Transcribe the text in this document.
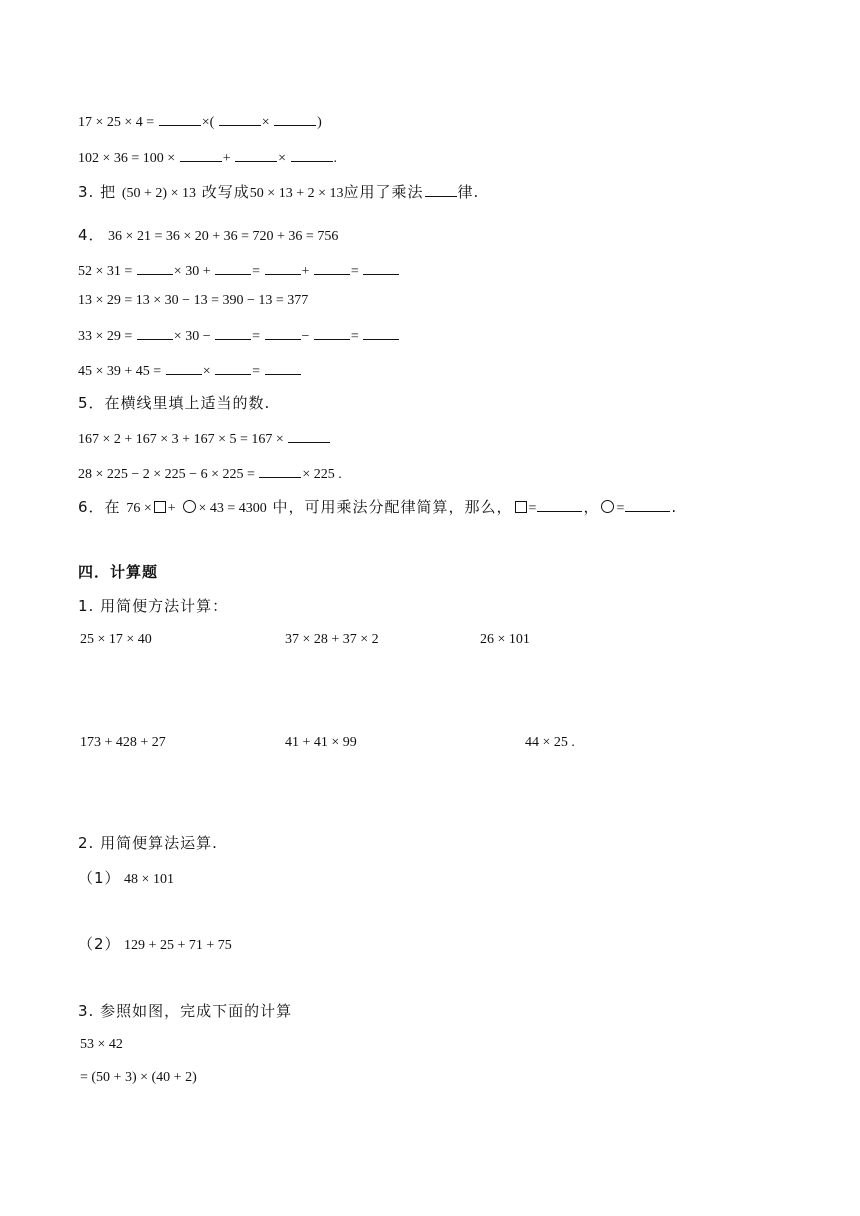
17 × 25 × 4 =	×(	×	)
102 × 36 = 100 ×	+	×	.
3. 把 (50 + 2) × 13 改写成50 × 13 + 2 × 13应用了乘法 律.
4． 36 × 21 = 36 × 20 + 36 = 720 + 36 = 756
52 × 31 =	× 30 +	=	+	=
13 × 29 = 13 × 30 − 13 = 390 − 13 = 377
33 × 29 =	× 30 −	=	−	=
45 × 39 + 45 =	×	=
5．在横线里填上适当的数.
167 × 2 + 167 × 3 + 167 × 5 = 167 ×
28 × 225 − 2 × 225 − 6 × 225 =	× 225 .
6．在 76 × + × 43 = 4300 中，可用乘法分配律简算，那么， =	， =	.
四．计算题
1. 用简便方法计算：
25 × 17 × 40	37 × 28 + 37 × 2	26 × 101
173 + 428 + 27	41 + 41 × 99	44 × 25 .
2. 用简便算法运算.
（1） 48 × 101
（2） 129 + 25 + 71 + 75
3. 参照如图，完成下面的计算
53 × 42
= (50 + 3) × (40 + 2)
